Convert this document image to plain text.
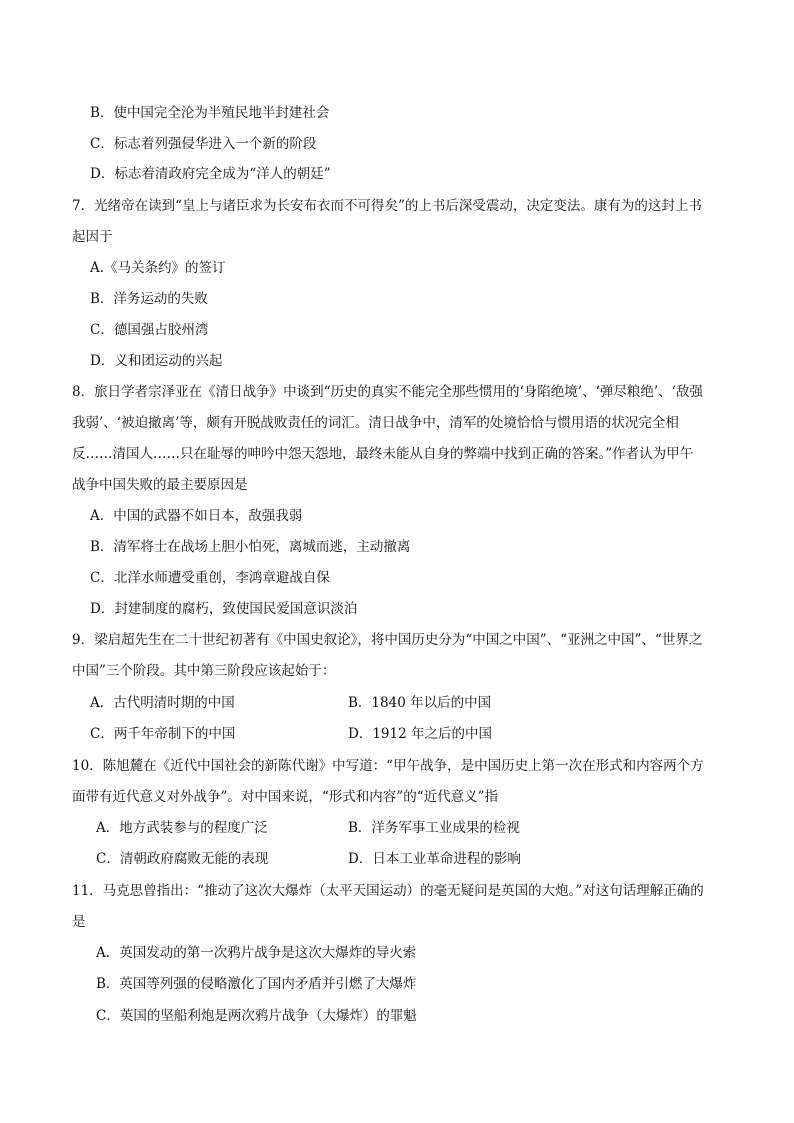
B．使中国完全沦为半殖民地半封建社会
C．标志着列强侵华进入一个新的阶段
D．标志着清政府完全成为“洋人的朝廷”
7．光绪帝在读到“皇上与诸臣求为长安布衣而不可得矣”的上书后深受震动，决定变法。康有为的这封上书
起因于
A.《马关条约》的签订
B．洋务运动的失败
C．德国强占胶州湾
D．义和团运动的兴起
8．旅日学者宗泽亚在《清日战争》中谈到“历史的真实不能完全那些惯用的‘身陷绝境’、‘弹尽粮绝’、‘敌强
我弱’、‘被迫撤离’等，颇有开脱战败责任的词汇。清日战争中，清军的处境恰恰与惯用语的状况完全相
反……清国人……只在耻辱的呻吟中怨天怨地，最终未能从自身的弊端中找到正确的答案。”作者认为甲午
战争中国失败的最主要原因是
A．中国的武器不如日本，敌强我弱
B．清军将士在战场上胆小怕死，离城而逃，主动撤离
C．北洋水师遭受重创，李鸿章避战自保
D．封建制度的腐朽，致使国民爱国意识淡泊
9．梁启超先生在二十世纪初著有《中国史叙论》，将中国历史分为“中国之中国”、“亚洲之中国”、“世界之
中国”三个阶段。其中第三阶段应该起始于：
A．古代明清时期的中国	B．1840 年以后的中国
C．两千年帝制下的中国	D．1912 年之后的中国
10．陈旭麓在《近代中国社会的新陈代谢》中写道：“甲午战争，是中国历史上第一次在形式和内容两个方
面带有近代意义对外战争”。对中国来说，“形式和内容”的“近代意义”指
A．地方武装参与的程度广泛	B．洋务军事工业成果的检视
C．清朝政府腐败无能的表现	D．日本工业革命进程的影响
11．马克思曾指出：“推动了这次大爆炸（太平天国运动）的毫无疑问是英国的大炮。”对这句话理解正确的
是
A．英国发动的第一次鸦片战争是这次大爆炸的导火索
B．英国等列强的侵略激化了国内矛盾并引燃了大爆炸
C．英国的坚船利炮是两次鸦片战争（大爆炸）的罪魁
